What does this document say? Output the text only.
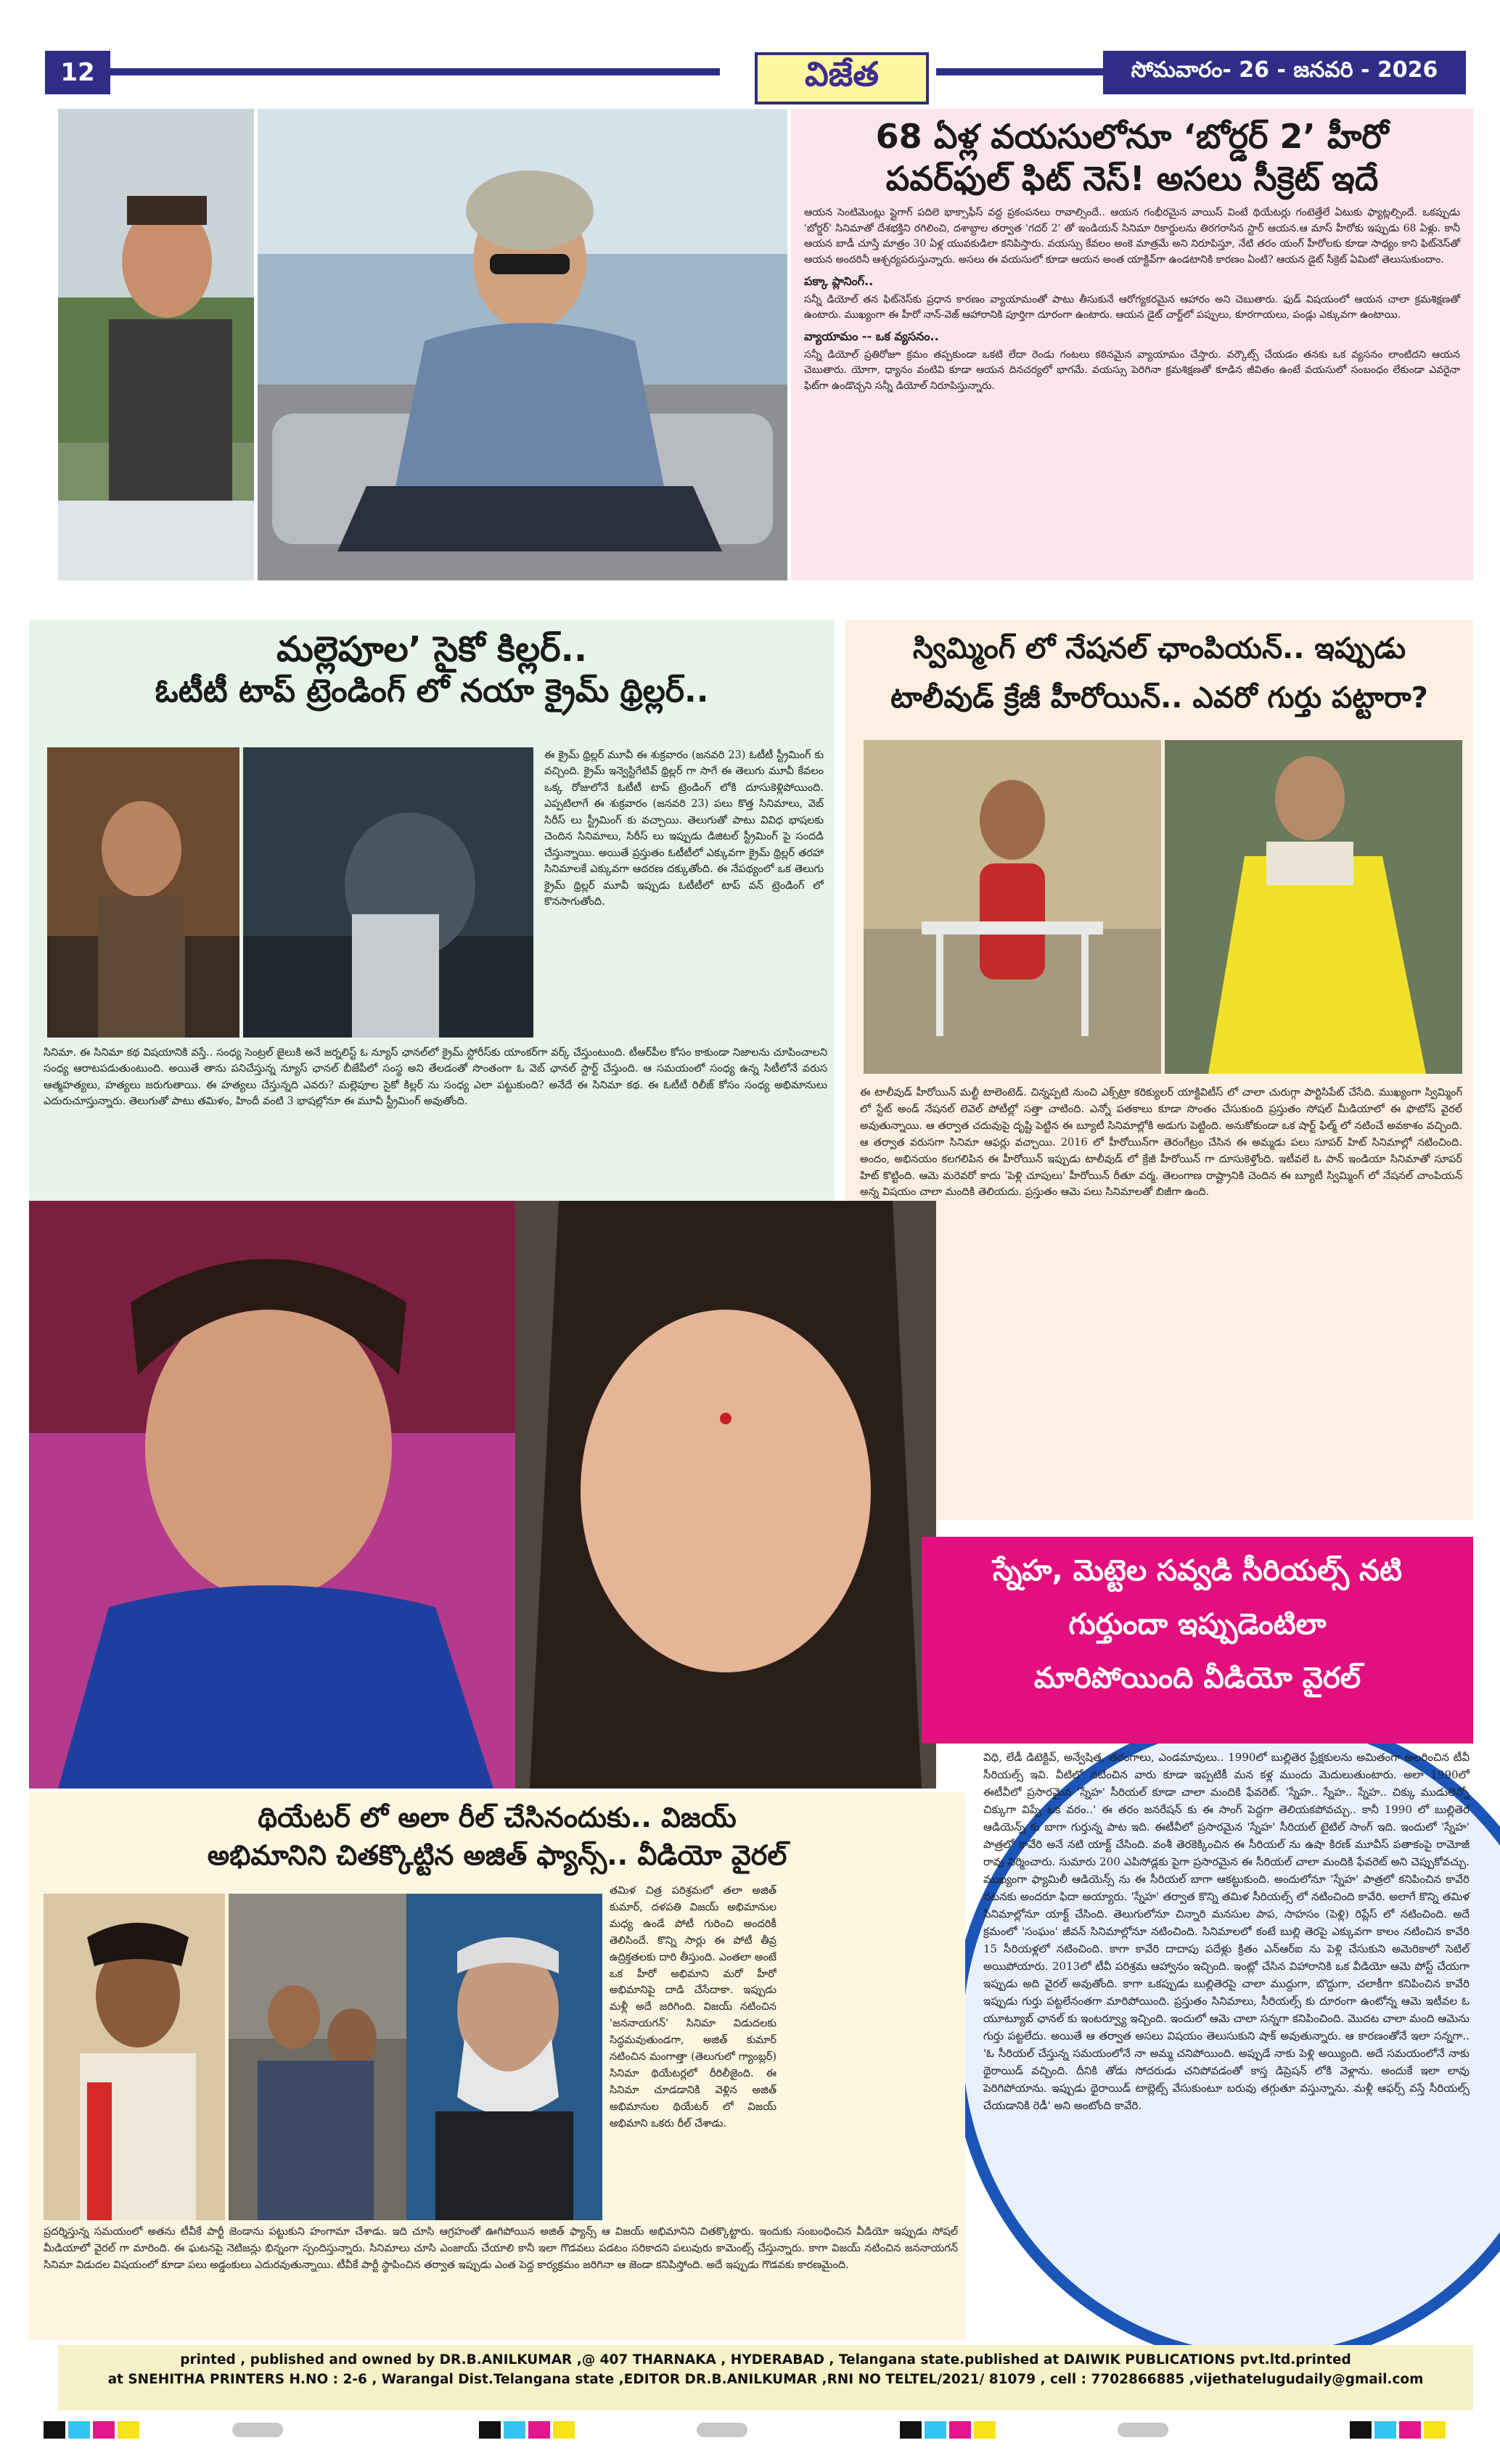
12	విజేత	సోమవారం- 26 - జనవరి - 2026
68 ఏళ్ల వయసులోనూ ‘బోర్డర్ 2’ హీరో
పవర్‌ఫుల్ ఫిట్ నెస్! అసలు సీక్రెట్ ఇదే

ఆయన సెంటిమెంట్లు ప్లైగాగ్ పదిలె భాక్సాఫీస్ వద్ద ప్రకంపనలు రావాల్సిందే.. ఆయన గంభీరమైన వాయిస్ వింటే థియేటర్లు గంటెత్తేలే ఏటుకు ఫ్యాట్లల్సిందే. ఒకప్పుడు 'బోర్డర్' సినిమాతో దేశభక్తిని రగిలించి, దశాబ్దాల తర్వాత 'గదర్ 2' తో ఇండియన్ సినిమా రికార్డులను తిరగరాసిన స్టార్ ఆయన.ఆ మాస్ హీరోకు ఇప్పుడు 68 ఏళ్లు. కానీ ఆయన బాడీ చూస్తే మాత్రం 30 ఏళ్ల యువకుడిలా కనిపిస్తారు. వయస్సు కేవలం అంకె మాత్రమే అని నిరూపిస్తూ, నేటి తరం యంగ్ హీరోలకు కూడా సాధ్యం కాని ఫిట్‌నెస్‌తో ఆయన అందరినీ ఆశ్చర్యపరుస్తున్నారు. అసలు ఈ వయసులో కూడా ఆయన అంత యాక్టివ్‌గా ఉండటానికి కారణం ఏంటి? ఆయన డైట్ సీక్రెట్ ఏమిటో తెలుసుకుందాం.

పక్కా ప్లానింగ్..

సన్నీ డియోల్ తన ఫిట్‌నెస్‌కు ప్రధాన కారణం వ్యాయామంతో పాటు తీసుకునే ఆరోగ్యకరమైన ఆహారం అని చెబుతారు. ఫుడ్ విషయంలో ఆయన చాలా క్రమశిక్షణతో ఉంటారు. ముఖ్యంగా ఈ హీరో నాన్-వెజ్ ఆహారానికి పూర్తిగా దూరంగా ఉంటారు. ఆయన డైట్ చార్ట్‌లో పప్పులు, కూరగాయలు, పండ్లు ఎక్కువగా ఉంటాయి.

వ్యాయామం -- ఒక వ్యసనం..

సన్నీ డియోల్ ప్రతిరోజూ క్రమం తప్పకుండా ఒకటి లేదా రెండు గంటలు కఠినమైన వ్యాయామం చేస్తారు. వర్కౌట్స్ చేయడం తనకు ఒక వ్యసనం లాంటిదని ఆయన చెబుతారు. యోగా, ధ్యానం వంటివి కూడా ఆయన దినచర్యలో భాగమే. వయస్సు పెరిగినా క్రమశిక్షణతో కూడిన జీవితం ఉంటే వయసులో సంబంధం లేకుండా ఎవరైనా ఫిట్‌గా ఉండొచ్చని సన్నీ డియోల్ నిరూపిస్తున్నారు.

మల్లెపూల’ సైకో కిల్లర్..
ఓటీటీ టాప్ ట్రెండింగ్ లో నయా క్రైమ్ థ్రిల్లర్..
ఈ క్రైమ్ థ్రిల్లర్ మూవీ ఈ శుక్రవారం (జనవరి 23) ఓటీటీ స్ట్రీమింగ్ కు వచ్చింది. క్రైమ్ ఇన్వెస్టిగేటివ్ థ్రిల్లర్ గా సాగే ఈ తెలుగు మూవీ కేవలం ఒక్క రోజులోనే ఓటీటీ టాప్ ట్రెండింగ్ లోకి దూసుకెళ్లిపోయింది. ఎప్పటిలాగే ఈ శుక్రవారం (జనవరి 23) పలు కొత్త సినిమాలు, వెబ్ సిరీస్ లు స్ట్రీమింగ్ కు వచ్చాయి. తెలుగుతో పాటు వివిధ భాషలకు చెందిన సినిమాలు, సిరీస్ లు ఇప్పుడు డిజిటల్ స్ట్రీమింగ్ పై సందడి చేస్తున్నాయి. అయితే ప్రస్తుతం ఓటీటీలో ఎక్కువగా క్రైమ్ థ్రిల్లర్ తరహా సినిమాలకే ఎక్కువగా ఆదరణ దక్కుతోంది. ఈ నేపథ్యంలో ఒక తెలుగు క్రైమ్ థ్రిల్లర్ మూవీ ఇప్పుడు ఓటీటీలో టాప్ వన్ ట్రెండింగ్ లో కొనసాగుతోంది.
సినిమా. ఈ సినిమా కథ విషయానికి వస్తే.. సంధ్య సెంట్రల్ జైలుకి అనే జర్నలిస్ట్ ఓ న్యూస్ ఛానల్‌లో క్రైమ్ స్టోరీస్‌కు యాంకర్‌గా వర్క్ చేస్తుంటుంది. టీఆర్‌పీల కోసం కాకుండా నిజాలను చూపించాలని సంధ్య ఆరాటపడుతుంటుంది. అయితే తాను పనిచేస్తున్న న్యూస్ ఛానల్ బీజేపీలో సంస్థ అని తేలడంతో సొంతంగా ఓ వెబ్ ఛానల్ స్టార్ట్ చేస్తుంది. ఆ సమయంలో సంధ్య ఉన్న సిటీలోనే వరుస ఆత్మహత్యలు, హత్యలు జరుగుతాయి. ఈ హత్యలు చేస్తున్నది ఎవరు? మల్లెపూల సైకో కిల్లర్ ను సంధ్య ఎలా పట్టుకుంది? అనేదే ఈ సినిమా కథ. ఈ ఓటీటీ రిలీజ్ కోసం సంధ్య అభిమానులు ఎదురుచూస్తున్నారు. తెలుగుతో పాటు తమిళం, హిందీ వంటి 3 భాషల్లోనూ ఈ మూవీ స్ట్రీమింగ్ అవుతోంది.
స్విమ్మింగ్ లో నేషనల్ ఛాంపియన్.. ఇప్పుడు
టాలీవుడ్ క్రేజీ హీరోయిన్.. ఎవరో గుర్తు పట్టారా?
ఈ టాలీవుడ్ హీరోయిన్ మల్టీ టాలెంటెడ్. చిన్నప్పటి నుంచి ఎక్స్‌ట్రా కరిక్యులర్ యాక్టివిటీస్ లో చాలా చురుగ్గా పార్టిసిపేట్ చేసేది. ముఖ్యంగా స్విమ్మింగ్ లో స్టేట్ అండ్ నేషనల్ లెవెల్ పోటీల్లో సత్తా చాటింది. ఎన్నో పతకాలు కూడా సొంతం చేసుకుంది ప్రస్తుతం సోషల్ మీడియాలో ఈ ఫొటోస్ వైరల్ అవుతున్నాయి. ఆ తర్వాత చదువుపై దృష్టి పెట్టిన ఈ బ్యూటీ సినిమాల్లోకి అడుగు పెట్టింది. అనుకోకుండా ఒక షార్ట్ ఫిల్మ్ లో నటించే అవకాశం వచ్చింది. ఆ తర్వాత వరుసగా సినిమా ఆఫర్లు వచ్చాయి. 2016 లో హీరోయిన్‌గా తెరంగేట్రం చేసిన ఈ అమ్మడు పలు సూపర్ హిట్ సినిమాల్లో నటించింది. అందం, అభినయం కలగలిపిన ఈ హీరోయిన్ ఇప్పుడు టాలీవుడ్ లో క్రేజీ హీరోయిన్ గా దూసుకెళ్తోంది. ఇటీవలే ఓ పాన్ ఇండియా సినిమాతో సూపర్ హిట్ కొట్టింది. ఆమె మరెవరో కాదు 'పెళ్లి చూపులు' హీరోయిన్ రీతూ వర్మ. తెలంగాణ రాష్ట్రానికి చెందిన ఈ బ్యూటీ స్విమ్మింగ్ లో నేషనల్ చాంపియన్ అన్న విషయం చాలా మందికి తెలియదు. ప్రస్తుతం ఆమె పలు సినిమాలతో బిజీగా ఉంది.
స్నేహ, మెట్టెల సవ్వడి సీరియల్స్ నటి
గుర్తుందా ఇప్పుడెంటిలా
మారిపోయింది వీడియో వైరల్
విధి, లేడీ డిటెక్టివ్, అన్వేషిత, తరంగాలు, ఎండమావులు.. 1990లో బుల్లితెర ప్రేక్షకులను అమితంగా అలరించిన టీవీ సీరియల్స్ ఇవి. వీటిలో నటించిన వారు కూడా ఇప్పటికీ మన కళ్ల ముందు మెదులుతుంటారు. అలా 1990లో ఈటీవీలో ప్రసారమైన 'స్నేహ' సీరియల్ కూడా చాలా మందికి ఫేవరెట్. 'స్నేహ.. స్నేహ.. స్నేహ.. చిక్కు ముడులెన్నో చిక్కుగా విప్పే ఒక వరం..' ఈ తరం జనరేషన్ కు ఈ సాంగ్ పెద్దగా తెలియకపోవచ్చు.. కానీ 1990 లో బుల్లితెర ఆడియెన్స్ కు బాగా గుర్తున్న పాట ఇది. ఈటీవీలో ప్రసారమైన 'స్నేహ' సీరియల్ టైటిల్ సాంగ్ ఇది. ఇందులో 'స్నేహ' పాత్రలో కావేరి అనే నటి యాక్ట్ చేసింది. వంశీ తెరకెక్కించిన ఈ సీరియల్ ను ఉషా కిరణ్ మూవీస్ పతాకంపై రామోజీ రావు నిర్మించారు. సుమారు 200 ఎపిసోడ్లకు పైగా ప్రసారమైన ఈ సీరియల్ చాలా మందికి ఫేవరెట్ అని చెప్పుకోవచ్చు. ముఖ్యంగా ఫ్యామిలీ ఆడియెన్స్ ను ఈ సీరియల్ బాగా ఆకట్టుకుంది. అందులోనూ 'స్నేహ' పాత్రలో కనిపించిన కావేరి నటనకు అందరూ ఫిదా అయ్యారు. 'స్నేహ' తర్వాత కొన్ని తమిళ సీరియల్స్ లో నటించింది కావేరి. అలాగే కొన్ని తమిళ సినిమాల్లోనూ యాక్ట్ చేసింది. తెలుగులోనూ చిన్నారి మనసుల పాప, సాహసం (పెళ్లి) రిప్లేస్ లో నటించింది. అదే క్రమంలో 'సంఘం' జీవన్ సినిమాల్లోనూ నటించింది. సినిమాలలో కంటే బుల్లి తెరపై ఎక్కువగా కాలం నటించిన కావేరి 15 సీరియళ్లలో నటించింది. కాగా కావేరి దాదాపు పదేళ్లు క్రితం ఎన్ఆర్ఐ ను పెళ్లి చేసుకుని అమెరికాలో సెటిల్ అయిపోయారు. 2013లో టీవీ పరిశ్రమ ఆహ్వానం ఇచ్చింది. ఇంట్లో చేసిన విహారానికి ఒక వీడియో ఆమె పోస్ట్ చేయగా ఇప్పుడు అది వైరల్ అవుతోంది. కాగా ఒకప్పుడు బుల్లితెరపై చాలా ముద్దుగా, బొద్దుగా, చలాకీగా కనిపించిన కావేరి ఇప్పుడు గుర్తు పట్టలేనంతగా మారిపోయింది. ప్రస్తుతం సినిమాలు, సీరియల్స్ కు దూరంగా ఉంటోన్న ఆమె ఇటీవల ఓ యూట్యూబ్ ఛానల్ కు ఇంటర్వ్యూ ఇచ్చింది. ఇందులో ఆమె చాలా సన్నగా కనిపించింది. మొదట చాలా మంది ఆమెను గుర్తు పట్టలేదు. అయితే ఆ తర్వాత అసలు విషయం తెలుసుకుని షాక్ అవుతున్నారు. ఆ కారణంతోనే ఇలా సన్నగా.. 'ఓ సీరియల్ చేస్తున్న సమయంలోనే నా అమ్మ చనిపోయింది. అప్పుడే నాకు పెళ్లి అయ్యింది. అదే సమయంలోనే నాకు థైరాయిడ్ వచ్చింది. దీనికి తోడు సోదరుడు చనిపోవడంతో కాస్త డిప్రెషన్ లోకి వెళ్లాను. అందుకే ఇలా లావు పెరిగిపోయాను. ఇప్పుడు థైరాయిడ్ టాబ్లెట్స్ వేసుకుంటూ బరువు తగ్గుతూ వస్తున్నాను. మళ్లీ ఆఫర్స్ వస్తే సీరియల్స్ చేయడానికి రెడీ' అని అంటోంది కావేరి.
థియేటర్ లో అలా రీల్ చేసినందుకు.. విజయ్
అభిమానిని చితక్కొట్టిన అజిత్ ఫ్యాన్స్.. వీడియో వైరల్
తమిళ చిత్ర పరిశ్రమలో తలా అజిత్ కుమార్, దళపతి విజయ్ అభిమానుల మధ్య ఉండే పోటీ గురించి అందరికీ తెలిసిందే. కొన్ని సార్లు ఈ పోటీ తీవ్ర ఉద్రిక్తతలకు దారి తీస్తుంది. ఎంతలా అంటే ఒక హీరో అభిమాని మరో హీరో అభిమానిపై దాడి చేసేదాకా. ఇప్పుడు మళ్లీ అదే జరిగింది. విజయ్ నటించిన 'జననాయగన్' సినిమా విడుదలకు సిద్ధమవుతుండగా, అజిత్ కుమార్ నటించిన మంగాత్తా (తెలుగులో గ్యాంబ్లర్) సినిమా థియేటర్లలో రీరిలీజైంది. ఈ సినిమా చూడడానికి వెళ్లిన అజిత్ అభిమానుల థియేటర్ లో విజయ్ అభిమాని ఒకరు రీల్ చేశాడు.
ప్రదర్శిస్తున్న సమయంలో అతను టీవీకే పార్టీ జెండాను పట్టుకుని హంగామా చేశాడు. ఇది చూసి ఆగ్రహంతో ఊగిపోయిన అజిత్ ఫ్యాన్స్ ఆ విజయ్ అభిమానిని చితక్కొట్టారు. ఇందుకు సంబంధించిన వీడియో ఇప్పుడు సోషల్ మీడియాలో వైరల్ గా మారింది. ఈ ఘటనపై నెటిజన్లు భిన్నంగా స్పందిస్తున్నారు. సినిమాలు చూసి ఎంజాయ్ చేయాలి కానీ ఇలా గొడవలు పడటం సరికాదని పలువురు కామెంట్స్ చేస్తున్నారు. కాగా విజయ్ నటించిన జననాయగన్ సినిమా విడుదల విషయంలో కూడా పలు అడ్డంకులు ఎదురవుతున్నాయి. టీవీకే పార్టీ స్థాపించిన తర్వాత ఇప్పుడు ఎంత పెద్ద కార్యక్రమం జరిగినా ఆ జెండా కనిపిస్తోంది. అదే ఇప్పుడు గొడవకు కారణమైంది.
printed , published and owned by DR.B.ANILKUMAR ,@ 407 THARNAKA , HYDERABAD , Telangana state.published at DAIWIK PUBLICATIONS pvt.ltd.printed
at SNEHITHA PRINTERS H.NO : 2-6 , Warangal Dist.Telangana state ,EDITOR DR.B.ANILKUMAR ,RNI NO TELTEL/2021/ 81079 , cell : 7702866885 ,vijethatelugudaily@gmail.com
